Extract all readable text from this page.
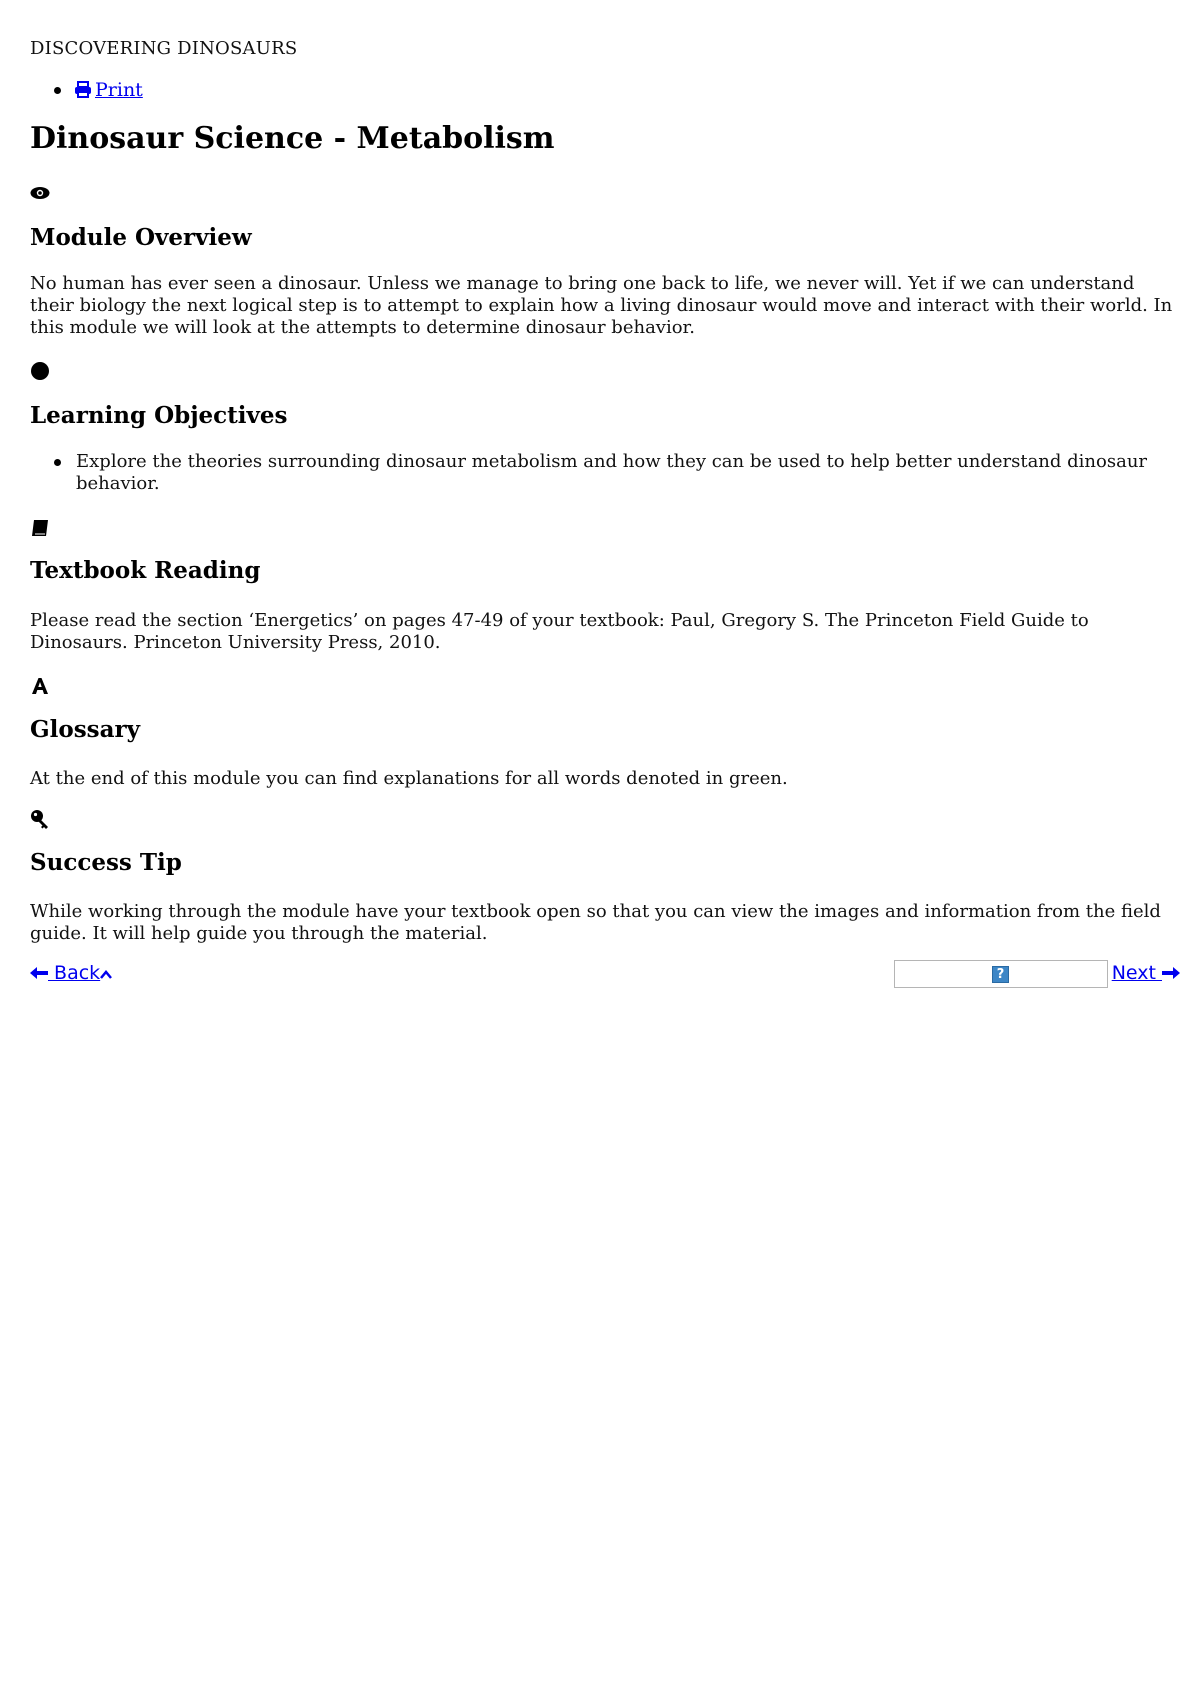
DISCOVERING DINOSAURS
Print
Dinosaur Science - Metabolism
Module Overview

No human has ever seen a dinosaur. Unless we manage to bring one back to life, we never will. Yet if we can understand their biology the next logical step is to attempt to explain how a living dinosaur would move and interact with their world. In this module we will look at the attempts to determine dinosaur behavior.

Learning Objectives
Explore the theories surrounding dinosaur metabolism and how they can be used to help better understand dinosaur behavior.
Textbook Reading

Please read the section ‘Energetics’ on pages 47-49 of your textbook: Paul, Gregory S. The Princeton Field Guide to Dinosaurs. Princeton University Press, 2010.

Glossary

At the end of this module you can find explanations for all words denoted in green.

Success Tip

While working through the module have your textbook open so that you can view the images and information from the field guide. It will help guide you through the material.

Back	?	Next
